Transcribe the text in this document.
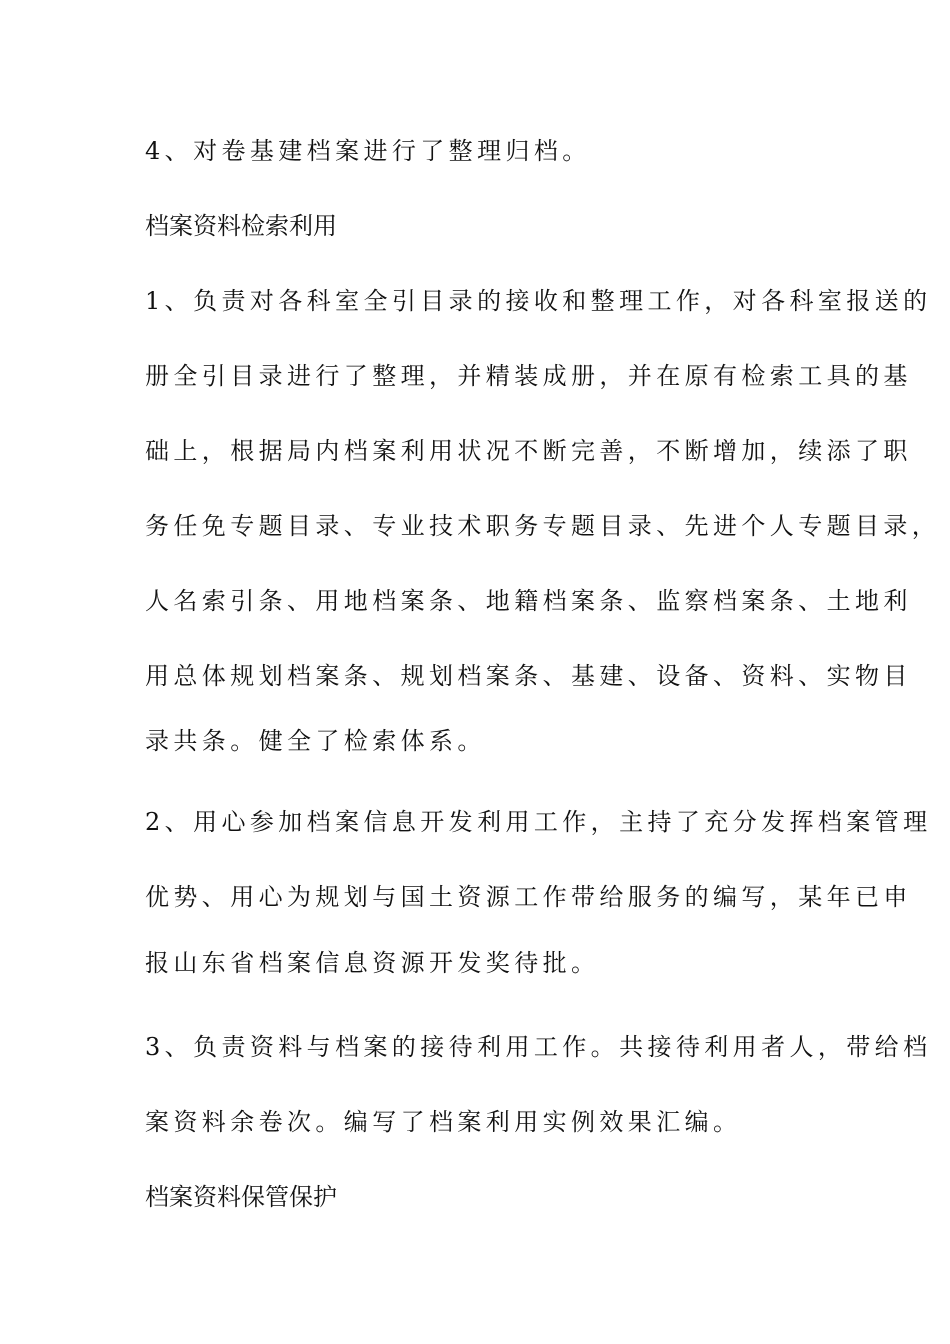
4、对卷基建档案进行了整理归档。
档案资料检索利用
1、负责对各科室全引目录的接收和整理工作，对各科室报送的
册全引目录进行了整理，并精装成册，并在原有检索工具的基
础上，根据局内档案利用状况不断完善，不断增加，续添了职
务任免专题目录、专业技术职务专题目录、先进个人专题目录，
人名索引条、用地档案条、地籍档案条、监察档案条、土地利
用总体规划档案条、规划档案条、基建、设备、资料、实物目
录共条。健全了检索体系。
2、用心参加档案信息开发利用工作，主持了充分发挥档案管理
优势、用心为规划与国土资源工作带给服务的编写，某年已申
报山东省档案信息资源开发奖待批。
3、负责资料与档案的接待利用工作。共接待利用者人，带给档
案资料余卷次。编写了档案利用实例效果汇编。
档案资料保管保护
